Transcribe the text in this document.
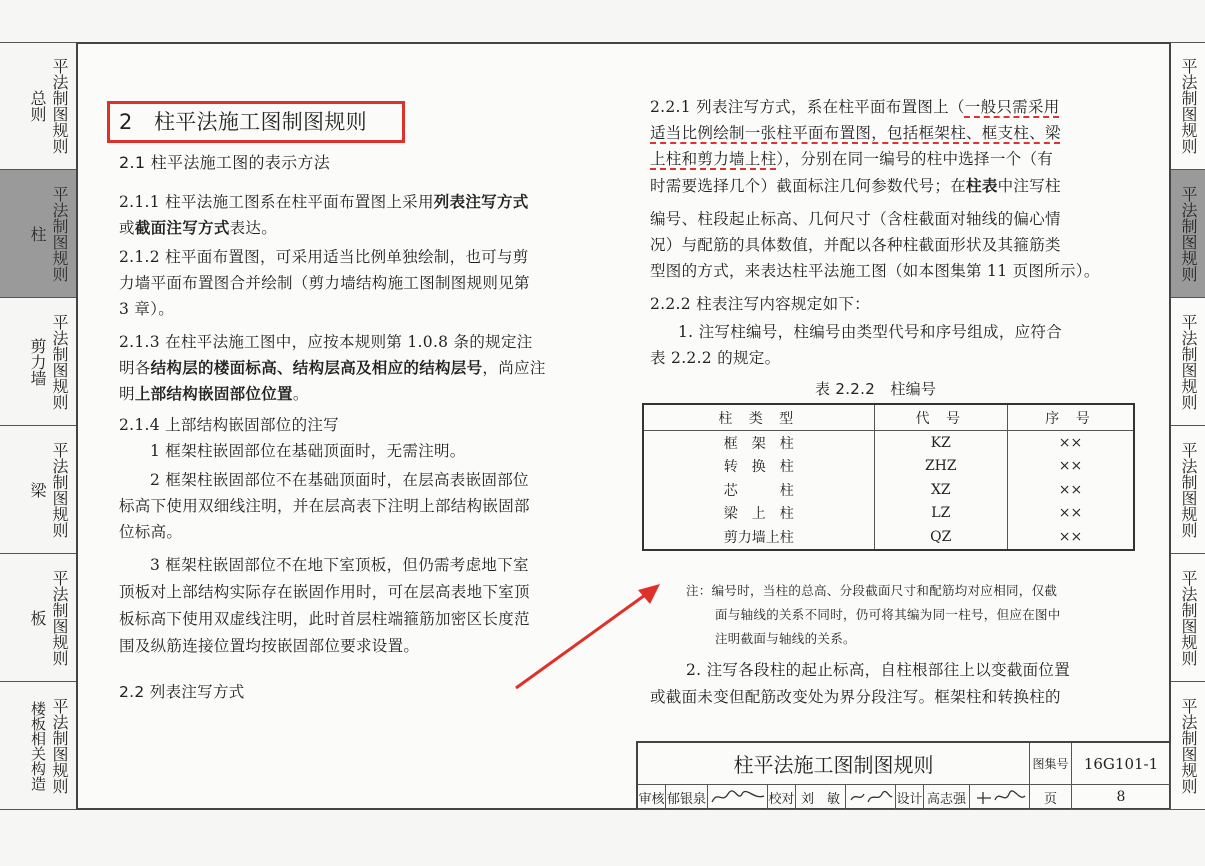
总则 平法制图规则
柱 平法制图规则
剪力墙 平法制图规则
梁 平法制图规则
板 平法制图规则
楼板相关构造 平法制图规则
平法制图规则
平法制图规则
平法制图规则
平法制图规则
平法制图规则
平法制图规则
2　柱平法施工图制图规则
2.1 柱平法施工图的表示方法
2.1.1 柱平法施工图系在柱平面布置图上采用列表注写方式
或截面注写方式表达。
2.1.2 柱平面布置图，可采用适当比例单独绘制，也可与剪
力墙平面布置图合并绘制（剪力墙结构施工图制图规则见第
3 章）。
2.1.3 在柱平法施工图中，应按本规则第 1.0.8 条的规定注
明各结构层的楼面标高、结构层高及相应的结构层号，尚应注
明上部结构嵌固部位位置。
2.1.4 上部结构嵌固部位的注写
1 框架柱嵌固部位在基础顶面时，无需注明。
2 框架柱嵌固部位不在基础顶面时，在层高表嵌固部位
标高下使用双细线注明，并在层高表下注明上部结构嵌固部
位标高。
3 框架柱嵌固部位不在地下室顶板，但仍需考虑地下室
顶板对上部结构实际存在嵌固作用时，可在层高表地下室顶
板标高下使用双虚线注明，此时首层柱端箍筋加密区长度范
围及纵筋连接位置均按嵌固部位要求设置。
2.2 列表注写方式
2.2.1 列表注写方式，系在柱平面布置图上（一般只需采用
适当比例绘制一张柱平面布置图，包括框架柱、框支柱、梁
上柱和剪力墙上柱），分别在同一编号的柱中选择一个（有
时需要选择几个）截面标注几何参数代号；在柱表中注写柱
编号、柱段起止标高、几何尺寸（含柱截面对轴线的偏心情
况）与配筋的具体数值，并配以各种柱截面形状及其箍筋类
型图的方式，来表达柱平法施工图（如本图集第 11 页图所示）。
2.2.2 柱表注写内容规定如下：
1. 注写柱编号，柱编号由类型代号和序号组成，应符合
表 2.2.2 的规定。
表 2.2.2　柱编号
柱 类 型	代 号	序 号
框　架　柱	KZ	××
转　换　柱	ZHZ	××
芯　　　柱	XZ	××
梁　上　柱	LZ	××
剪力墙上柱	QZ	××
注：编号时，当柱的总高、分段截面尺寸和配筋均对应相同，仅截
面与轴线的关系不同时，仍可将其编为同一柱号，但应在图中
注明截面与轴线的关系。
2. 注写各段柱的起止标高，自柱根部往上以变截面位置
或截面未变但配筋改变处为界分段注写。框架柱和转换柱的
柱平法施工图制图规则	图集号	16G101-1
审核 郁银泉	校对 刘　敏	设计 高志强	页	8
